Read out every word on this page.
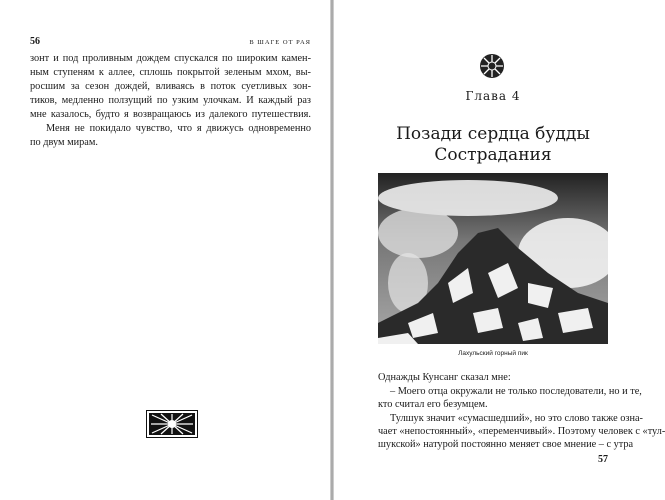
56	В ШАГЕ ОТ РАЯ
зонт и под проливным дождем спускался по широким камен-
ным ступеням к аллее, сплошь покрытой зеленым мхом, вы-
росшим за сезон дождей, вливаясь в поток суетливых зон-
тиков, медленно ползущий по узким улочкам. И каждый раз
мне казалось, будто я возвращаюсь из далекого путешествия.
Меня не покидало чувство, что я движусь одновременно
по двум мирам.
Глава 4
Позади сердца будды
Сострадания
Лахульский горный пик
Однажды Кунсанг сказал мне:
– Моего отца окружали не только последователи, но и те,
кто считал его безумцем.
Тулшук значит «сумасшедший», но это слово также озна-
чает «непостоянный», «переменчивый». Поэтому человек с «тул-
шукской» натурой постоянно меняет свое мнение – с утра
57
